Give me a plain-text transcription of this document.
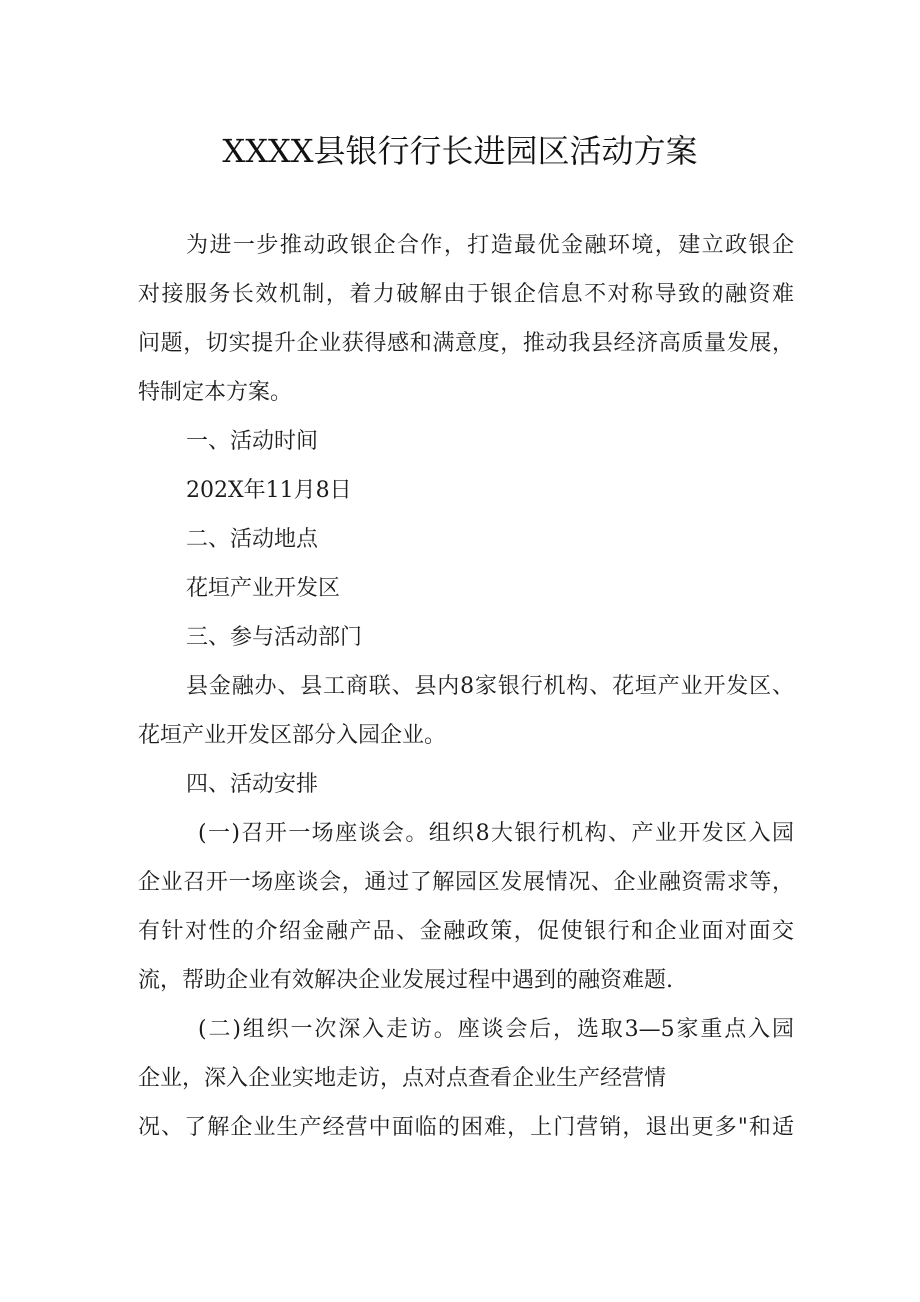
XXXX县银行行长进园区活动方案
为进一步推动政银企合作，打造最优金融环境，建立政银企
对接服务长效机制，着力破解由于银企信息不对称导致的融资难
问题，切实提升企业获得感和满意度，推动我县经济高质量发展，
特制定本方案。
一、活动时间
202X年11月8日
二、活动地点
花垣产业开发区
三、参与活动部门
县金融办、县工商联、县内8家银行机构、花垣产业开发区、
花垣产业开发区部分入园企业。
四、活动安排
(一)召开一场座谈会。组织8大银行机构、产业开发区入园
企业召开一场座谈会，通过了解园区发展情况、企业融资需求等，
有针对性的介绍金融产品、金融政策，促使银行和企业面对面交
流，帮助企业有效解决企业发展过程中遇到的融资难题.
(二)组织一次深入走访。座谈会后，选取3—5家重点入园
企业，深入企业实地走访，点对点查看企业生产经营情
况、了解企业生产经营中面临的困难，上门营销，退出更多"和适
